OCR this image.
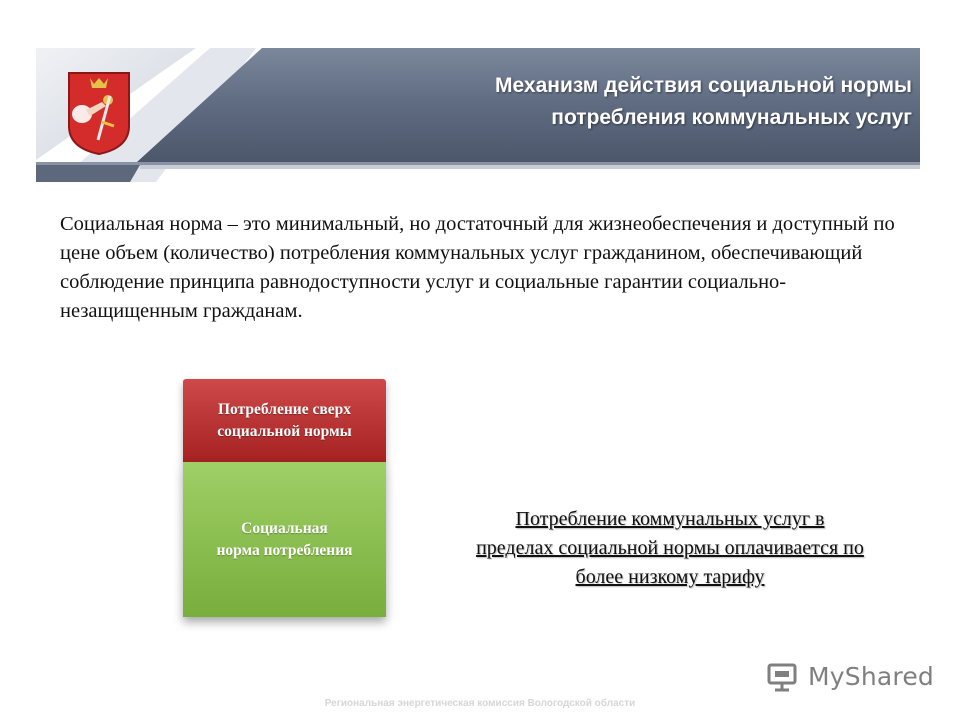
Механизм действия социальной нормы
потребления коммунальных услуг
Социальная норма – это минимальный, но достаточный для жизнеобеспечения и доступный по цене объем (количество) потребления коммунальных услуг гражданином, обеспечивающий соблюдение принципа равнодоступности услуг и социальные гарантии социально-незащищенным гражданам.
Потребление сверх
социальной нормы
Социальная
норма потребления
Потребление коммунальных услуг в
пределах социальной нормы оплачивается по
более низкому тарифу
MyShared
Региональная энергетическая комиссия Вологодской области
